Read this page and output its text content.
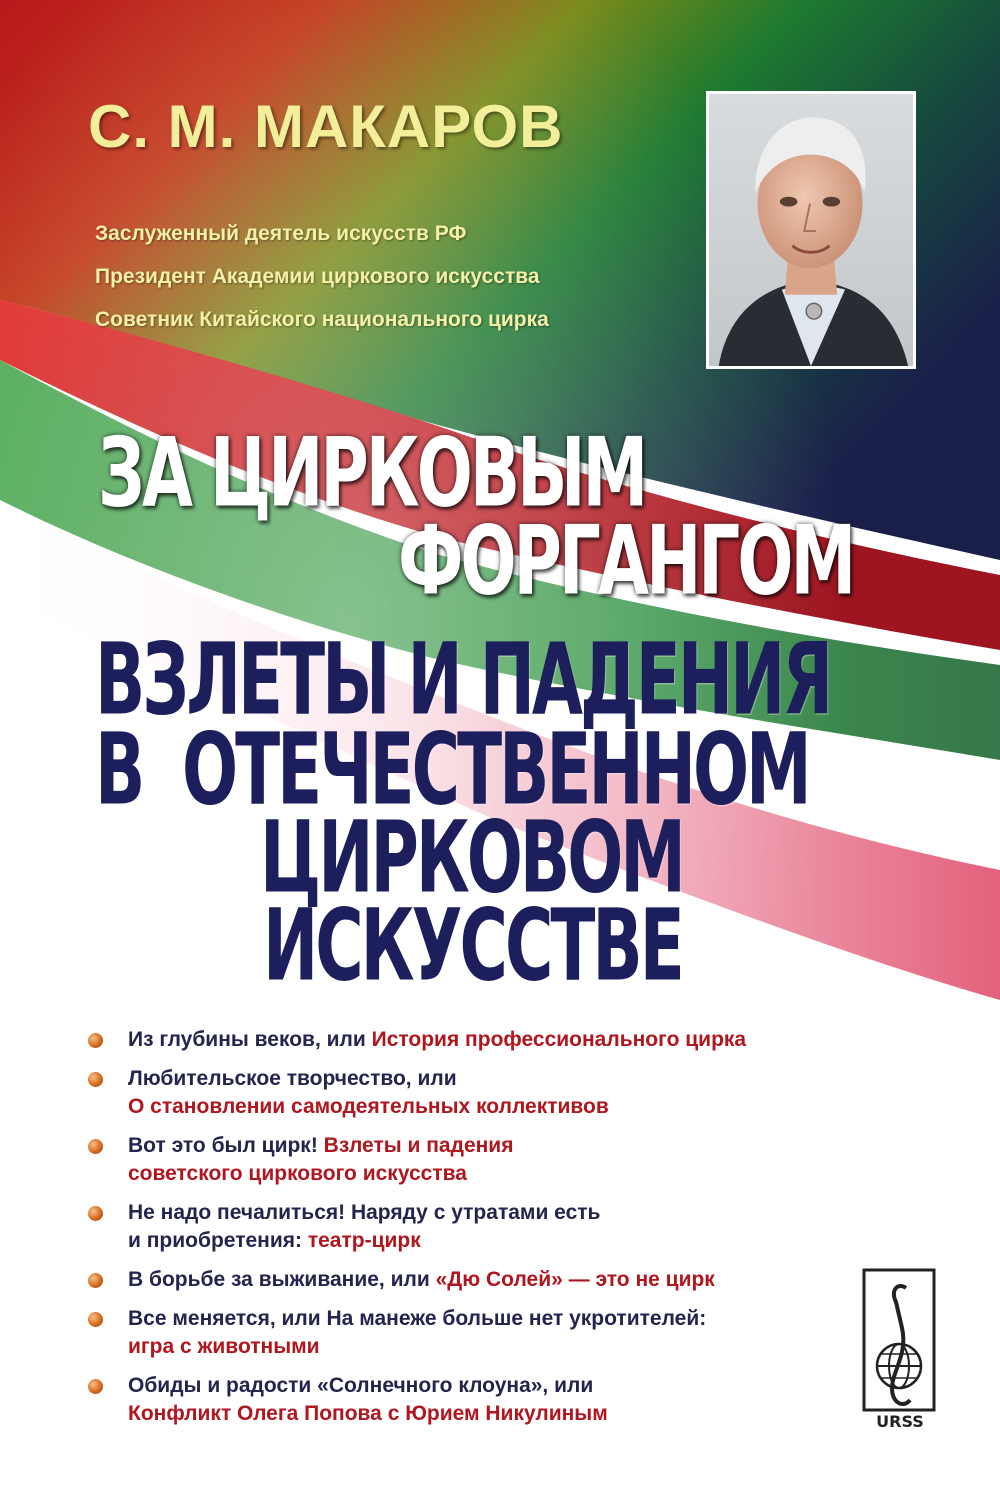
С. М. МАКАРОВ
Заслуженный деятель искусств РФ
Президент Академии циркового искусства
Советник Китайского национального цирка
ЗА ЦИРКОВЫМ
ФОРГАНГОМ
ВЗЛЕТЫ И ПАДЕНИЯ
В ОТЕЧЕСТВЕННОМ
ЦИРКОВОМ
ИСКУССТВЕ
Из глубины веков, или История профессионального цирка
Любительское творчество, или
О становлении самодеятельных коллективов
Вот это был цирк! Взлеты и падения
советского циркового искусства
Не надо печалиться! Наряду с утратами есть
и приобретения: театр-цирк
В борьбе за выживание, или «Дю Солей» — это не цирк
Все меняется, или На манеже больше нет укротителей:
игра с животными
Обиды и радости «Солнечного клоуна», или
Конфликт Олега Попова с Юрием Никулиным	URSS
